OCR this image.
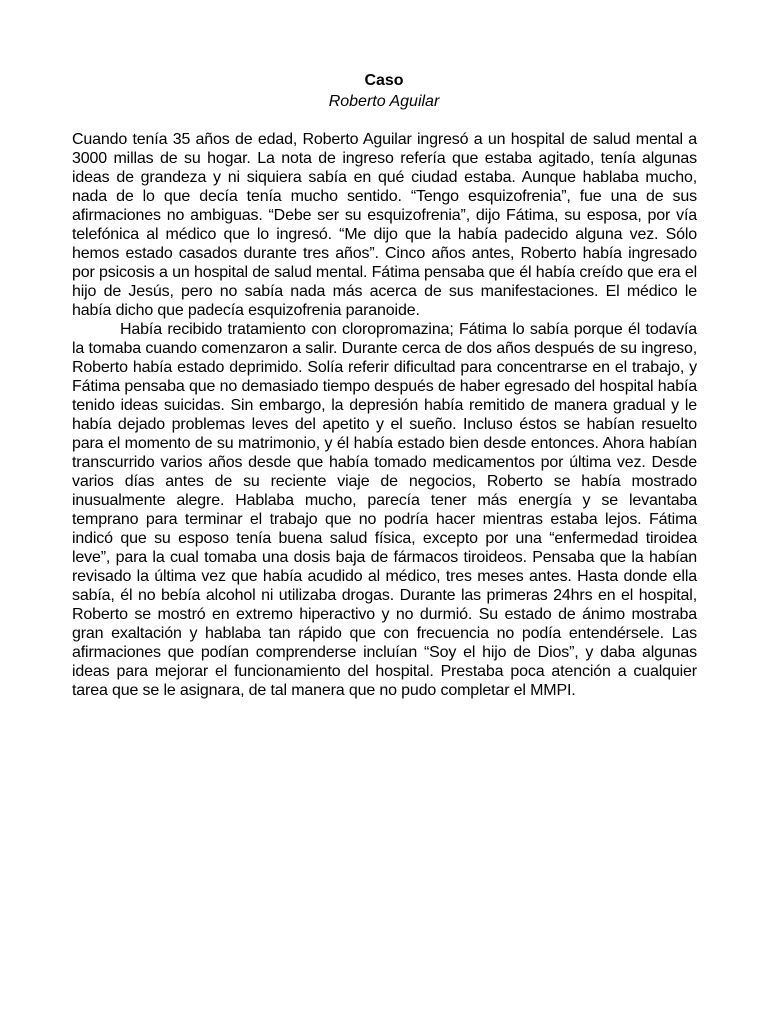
Caso
Roberto Aguilar

Cuando tenía 35 años de edad, Roberto Aguilar ingresó a un hospital de salud mental a 3000 millas de su hogar. La nota de ingreso refería que estaba agitado, tenía algunas ideas de grandeza y ni siquiera sabía en qué ciudad estaba. Aunque hablaba mucho, nada de lo que decía tenía mucho sentido. “Tengo esquizofrenia”, fue una de sus afirmaciones no ambiguas. “Debe ser su esquizofrenia”, dijo Fátima, su esposa, por vía telefónica al médico que lo ingresó. “Me dijo que la había padecido alguna vez. Sólo hemos estado casados durante tres años”. Cinco años antes, Roberto había ingresado por psicosis a un hospital de salud mental. Fátima pensaba que él había creído que era el hijo de Jesús, pero no sabía nada más acerca de sus manifestaciones. El médico le había dicho que padecía esquizofrenia paranoide.

Había recibido tratamiento con cloropromazina; Fátima lo sabía porque él todavía la tomaba cuando comenzaron a salir. Durante cerca de dos años después de su ingreso, Roberto había estado deprimido. Solía referir dificultad para concentrarse en el trabajo, y Fátima pensaba que no demasiado tiempo después de haber egresado del hospital había tenido ideas suicidas. Sin embargo, la depresión había remitido de manera gradual y le había dejado problemas leves del apetito y el sueño. Incluso éstos se habían resuelto para el momento de su matrimonio, y él había estado bien desde entonces. Ahora habían transcurrido varios años desde que había tomado medicamentos por última vez. Desde varios días antes de su reciente viaje de negocios, Roberto se había mostrado inusualmente alegre. Hablaba mucho, parecía tener más energía y se levantaba temprano para terminar el trabajo que no podría hacer mientras estaba lejos. Fátima indicó que su esposo tenía buena salud física, excepto por una “enfermedad tiroidea leve”, para la cual tomaba una dosis baja de fármacos tiroideos. Pensaba que la habían revisado la última vez que había acudido al médico, tres meses antes. Hasta donde ella sabía, él no bebía alcohol ni utilizaba drogas. Durante las primeras 24hrs en el hospital, Roberto se mostró en extremo hiperactivo y no durmió. Su estado de ánimo mostraba gran exaltación y hablaba tan rápido que con frecuencia no podía entendérsele. Las afirmaciones que podían comprenderse incluían “Soy el hijo de Dios”, y daba algunas ideas para mejorar el funcionamiento del hospital. Prestaba poca atención a cualquier tarea que se le asignara, de tal manera que no pudo completar el MMPI.
